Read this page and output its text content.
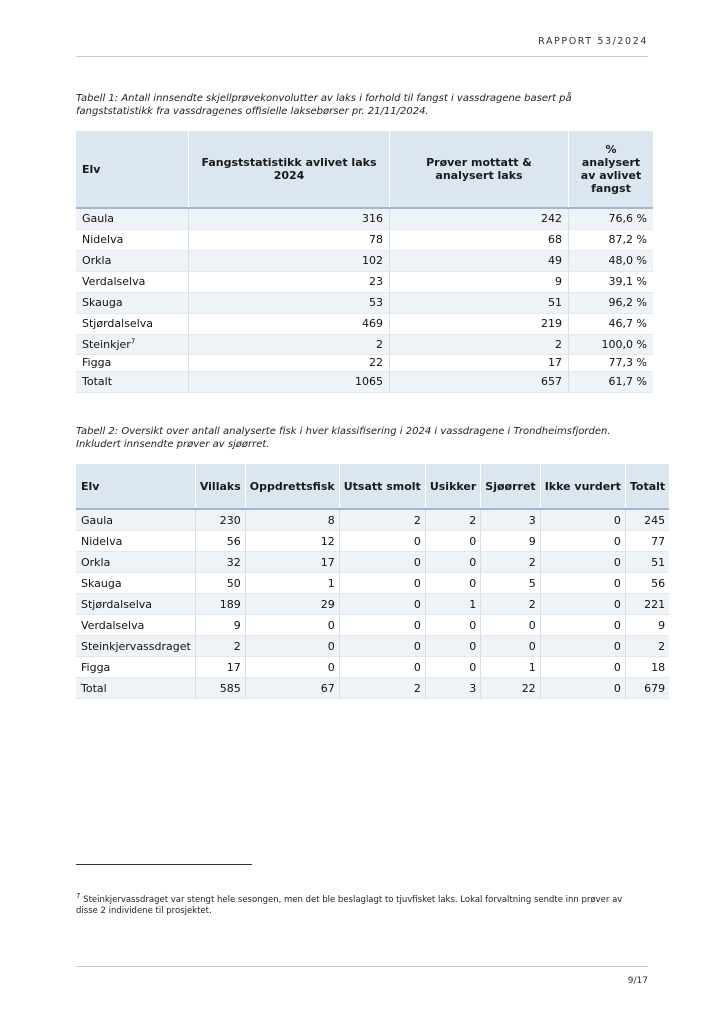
RAPPORT 53/2024
Tabell 1: Antall innsendte skjellprøvekonvolutter av laks i forhold til fangst i vassdragene basert på fangststatistikk fra vassdragenes offisielle laksebørser pr. 21/11/2024.
Elv	Fangststatistikk avlivet laks 2024	Prøver mottatt & analysert laks	% analysert av avlivet fangst
Gaula	316	242	76,6 %
Nidelva	78	68	87,2 %
Orkla	102	49	48,0 %
Verdalselva	23	9	39,1 %
Skauga	53	51	96,2 %
Stjørdalselva	469	219	46,7 %
Steinkjer$^7$	2	2	100,0 %
Figga	22	17	77,3 %
Totalt	1065	657	61,7 %
Tabell 2: Oversikt over antall analyserte fisk i hver klassifisering i 2024 i vassdragene i Trondheimsfjorden. Inkludert innsendte prøver av sjøørret.
Elv	Villaks	Oppdrettsfisk	Utsatt smolt	Usikker	Sjøørret	Ikke vurdert	Totalt
Gaula	230	8	2	2	3	0	245
Nidelva	56	12	0	0	9	0	77
Orkla	32	17	0	0	2	0	51
Skauga	50	1	0	0	5	0	56
Stjørdalselva	189	29	0	1	2	0	221
Verdalselva	9	0	0	0	0	0	9
Steinkjervassdraget	2	0	0	0	0	0	2
Figga	17	0	0	0	1	0	18
Total	585	67	2	3	22	0	679
$^7$ Steinkjervassdraget var stengt hele sesongen, men det ble beslaglagt to tjuvfisket laks. Lokal forvaltning sendte inn prøver av disse 2 individene til prosjektet.
9/17
